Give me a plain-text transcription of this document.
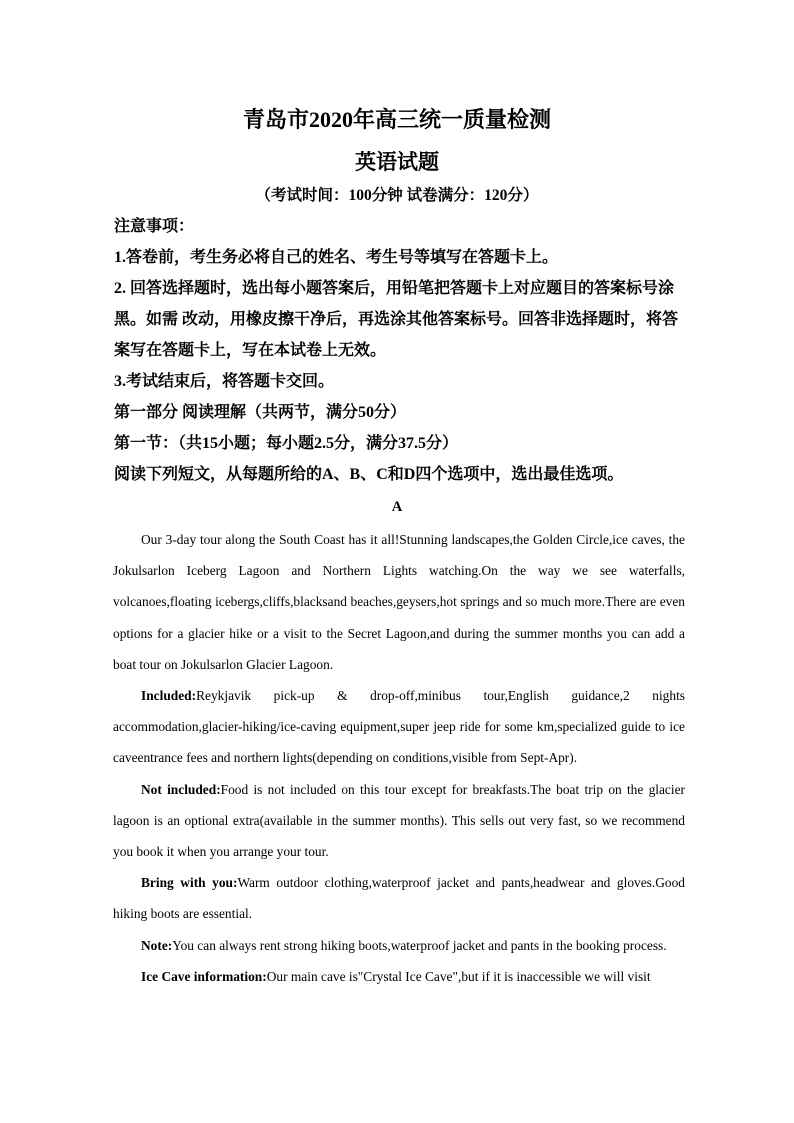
青岛市2020年高三统一质量检测
英语试题
（考试时间：100分钟 试卷满分：120分）
注意事项：
1.答卷前，考生务必将自己的姓名、考生号等填写在答题卡上。
2. 回答选择题时，选出每小题答案后，用铅笔把答题卡上对应题目的答案标号涂
黑。如需 改动，用橡皮擦干净后，再选涂其他答案标号。回答非选择题时，将答
案写在答题卡上，写在本试卷上无效。
3.考试结束后，将答题卡交回。
第一部分 阅读理解（共两节，满分50分）
第一节：（共15小题；每小题2.5分，满分37.5分）
阅读下列短文，从每题所给的A、B、C和D四个选项中，选出最佳选项。
A

Our 3-day tour along the South Coast has it all!Stunning landscapes,the Golden Circle,ice caves, the Jokulsarlon Iceberg Lagoon and Northern Lights watching.On the way we see waterfalls, volcanoes,floating icebergs,cliffs,blacksand beaches,geysers,hot springs and so much more.There are even options for a glacier hike or a visit to the Secret Lagoon,and during the summer months you can add a boat tour on Jokulsarlon Glacier Lagoon.

Included:Reykjavik pick-up & drop-off,minibus tour,English guidance,2 nights accommodation,glacier-hiking/ice-caving equipment,super jeep ride for some km,specialized guide to ice caveentrance fees and northern lights(depending on conditions,visible from Sept-Apr).

Not included:Food is not included on this tour except for breakfasts.The boat trip on the glacier lagoon is an optional extra(available in the summer months). This sells out very fast, so we recommend you book it when you arrange your tour.

Bring with you:Warm outdoor clothing,waterproof jacket and pants,headwear and gloves.Good hiking boots are essential.

Note:You can always rent strong hiking boots,waterproof jacket and pants in the booking process.

Ice Cave information:Our main cave is"Crystal Ice Cave",but if it is inaccessible we will visit
